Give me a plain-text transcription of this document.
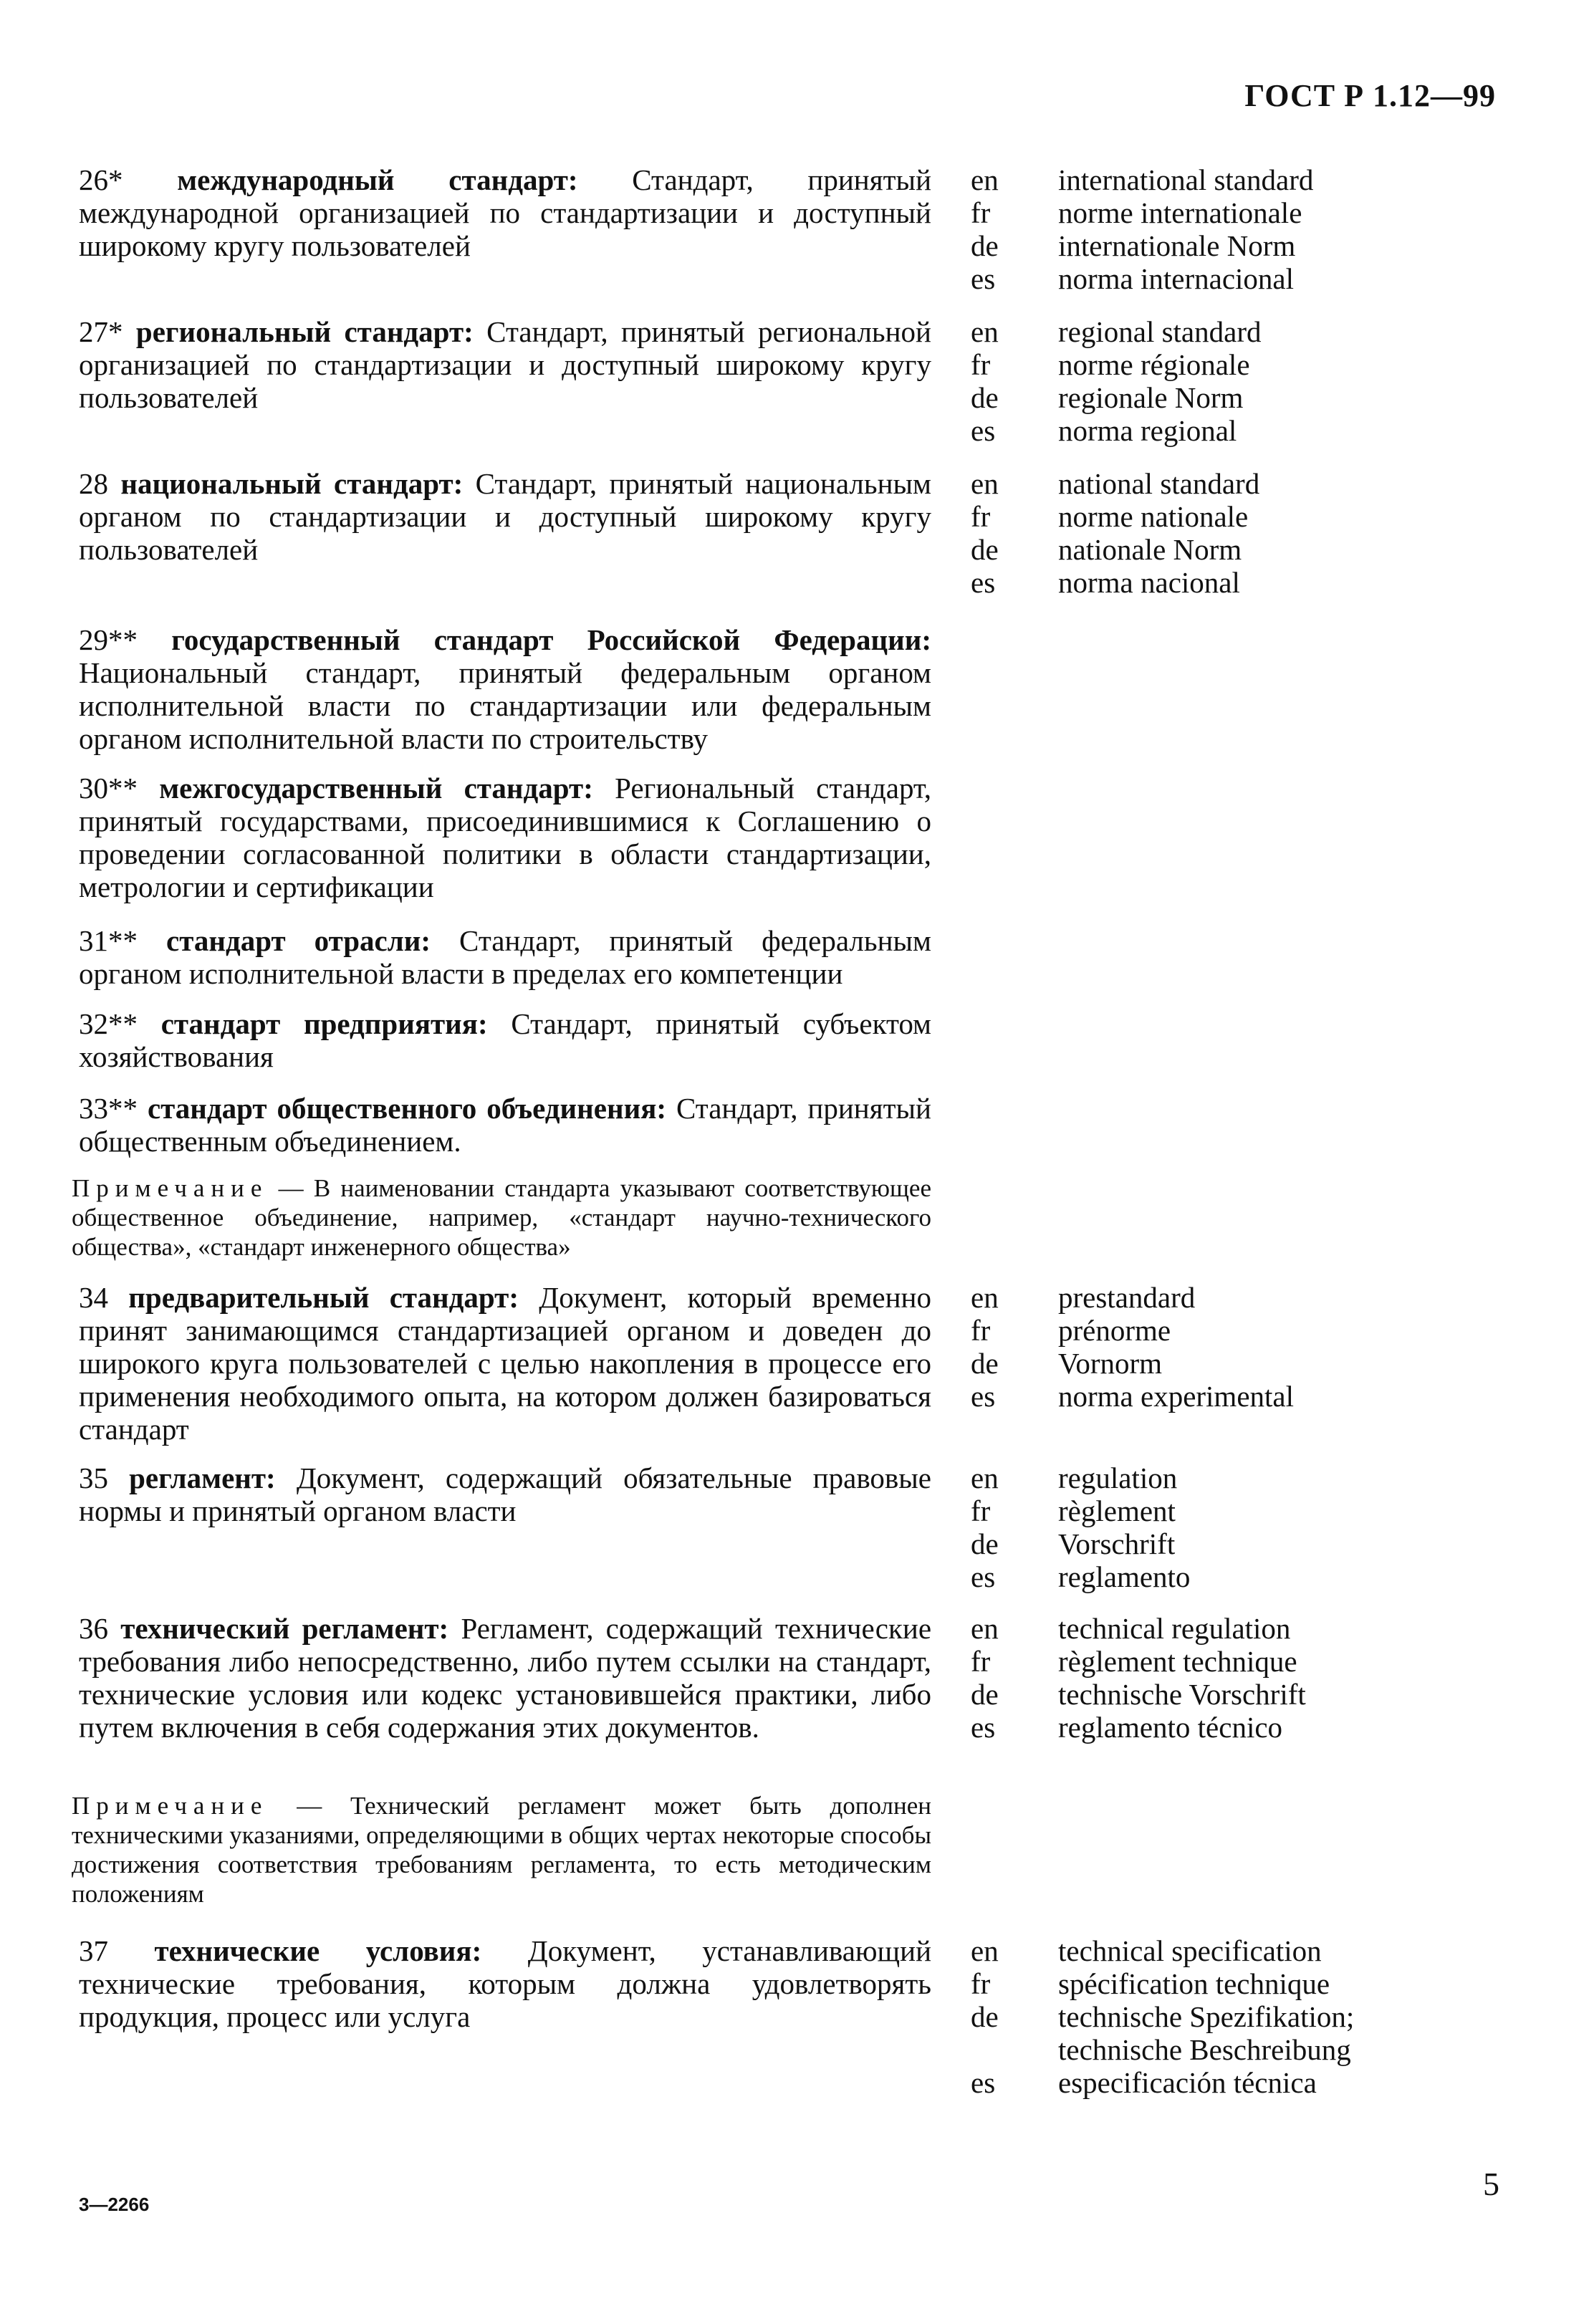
ГОСТ Р 1.12—99
26* международный стандарт: Стандарт, принятый международной организацией по стандартизации и доступный широкому кругу пользователей
en
fr
de
es
international standard
norme internationale
internationale Norm
norma internacional
27* региональный стандарт: Стандарт, принятый региональной организацией по стандартизации и доступный широкому кругу пользователей
en
fr
de
es
regional standard
norme régionale
regionale Norm
norma regional
28 национальный стандарт: Стандарт, принятый национальным органом по стандартизации и доступный широкому кругу пользователей
en
fr
de
es
national standard
norme nationale
nationale Norm
norma nacional
29** государственный стандарт Российской Федерации: Национальный стандарт, принятый федеральным органом исполнительной власти по стандартизации или федеральным органом исполнительной власти по строительству
30** межгосударственный стандарт: Региональный стандарт, принятый государствами, присоединившимися к Соглашению о проведении согласованной политики в области стандартизации, метрологии и сертификации
31** стандарт отрасли: Стандарт, принятый федеральным органом исполнительной власти в пределах его компетенции
32** стандарт предприятия: Стандарт, принятый субъектом хозяйствования
33** стандарт общественного объединения: Стандарт, принятый общественным объединением.
Примечание — В наименовании стандарта указывают соответствующее общественное объединение, например, «стандарт научно-технического общества», «стандарт инженерного общества»
34 предварительный стандарт: Документ, который временно принят занимающимся стандартизацией органом и доведен до широкого круга пользователей с целью накопления в процессе его применения необходимого опыта, на котором должен базироваться стандарт
en
fr
de
es
prestandard
prénorme
Vornorm
norma experimental
35 регламент: Документ, содержащий обязательные правовые нормы и принятый органом власти
en
fr
de
es
regulation
règlement
Vorschrift
reglamento
36 технический регламент: Регламент, содержащий технические требования либо непосредственно, либо путем ссылки на стандарт, технические условия или кодекс установившейся практики, либо путем включения в себя содержания этих документов.
en
fr
de
es
technical regulation
règlement technique
technische Vorschrift
reglamento técnico
Примечание — Технический регламент может быть дополнен техническими указаниями, определяющими в общих чертах некоторые способы достижения соответствия требованиям регламента, то есть методическим положениям
37 технические условия: Документ, устанавливающий технические требования, которым должна удовлетворять продукция, процесс или услуга
en
fr
de
es
technical specification
spécification technique
technische Spezifikation;
technische Beschreibung
especificación técnica
3—2266
5
